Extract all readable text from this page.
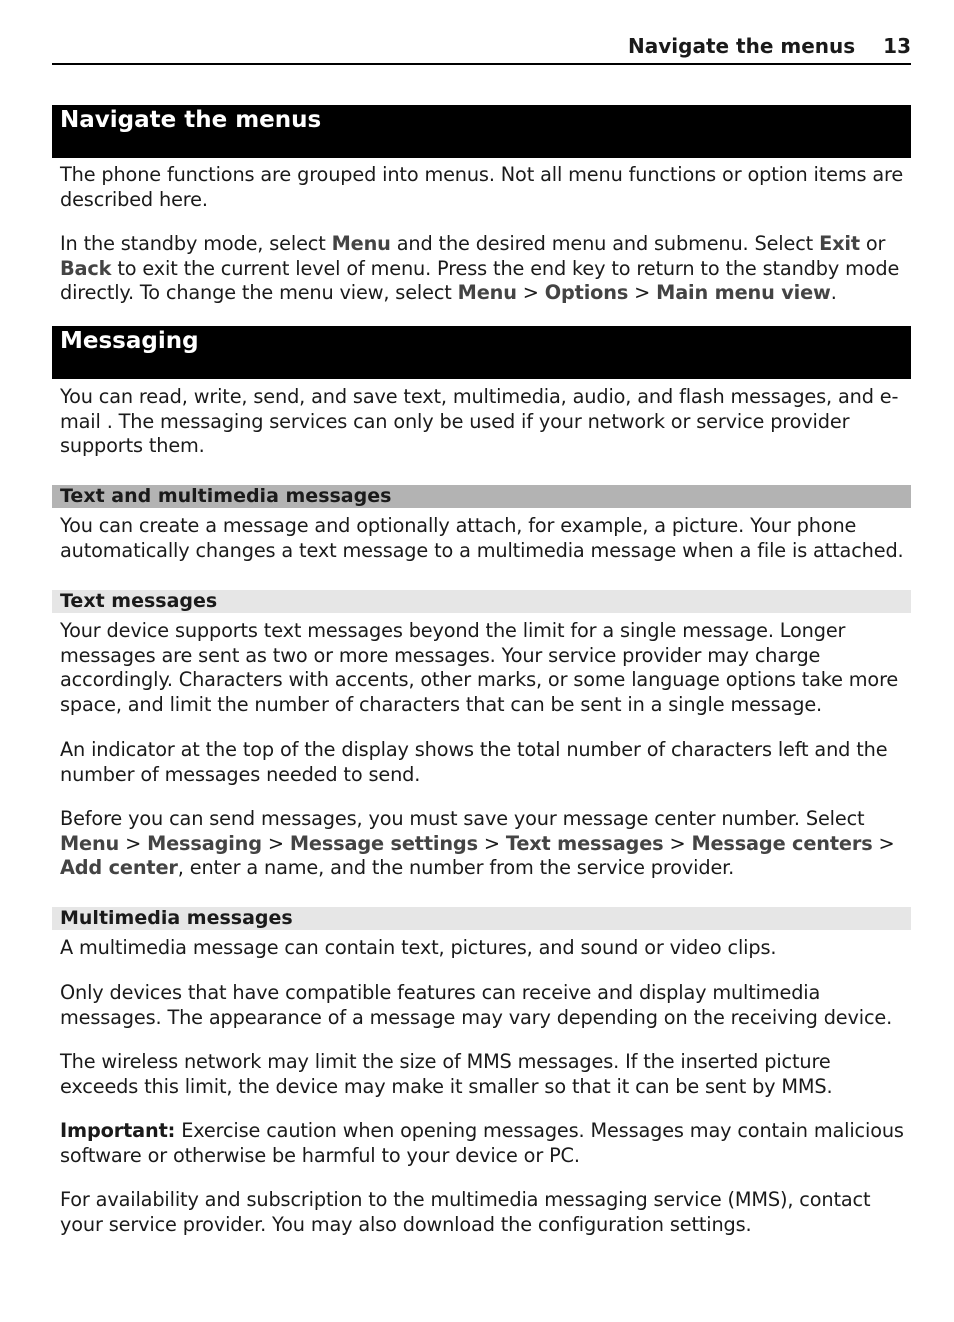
Navigate the menus 13
Navigate the menus

The phone functions are grouped into menus. Not all menu functions or option items are described here.

In the standby mode, select Menu and the desired menu and submenu. Select Exit or Back to exit the current level of menu. Press the end key to return to the standby mode directly. To change the menu view, select Menu > Options > Main menu view.

Messaging

You can read, write, send, and save text, multimedia, audio, and flash messages, and e-mail . The messaging services can only be used if your network or service provider supports them.

Text and multimedia messages

You can create a message and optionally attach, for example, a picture. Your phone automatically changes a text message to a multimedia message when a file is attached.

Text messages

Your device supports text messages beyond the limit for a single message. Longer messages are sent as two or more messages. Your service provider may charge accordingly. Characters with accents, other marks, or some language options take more space, and limit the number of characters that can be sent in a single message.

An indicator at the top of the display shows the total number of characters left and the number of messages needed to send.

Before you can send messages, you must save your message center number. Select Menu > Messaging > Message settings > Text messages > Message centers > Add center, enter a name, and the number from the service provider.

Multimedia messages

A multimedia message can contain text, pictures, and sound or video clips.

Only devices that have compatible features can receive and display multimedia messages. The appearance of a message may vary depending on the receiving device.

The wireless network may limit the size of MMS messages. If the inserted picture exceeds this limit, the device may make it smaller so that it can be sent by MMS.

Important: Exercise caution when opening messages. Messages may contain malicious software or otherwise be harmful to your device or PC.

For availability and subscription to the multimedia messaging service (MMS), contact your service provider. You may also download the configuration settings.
